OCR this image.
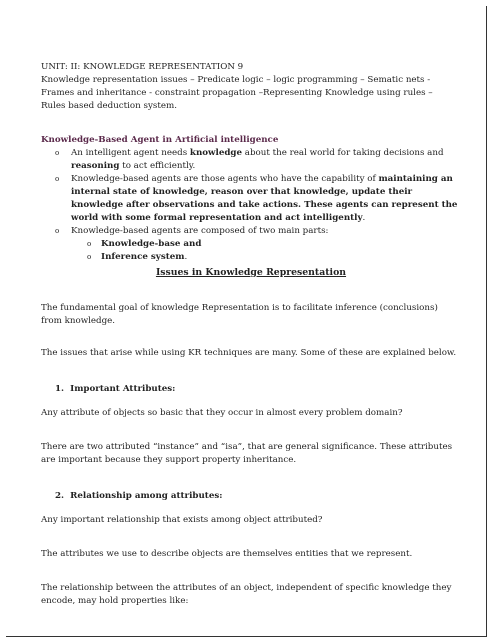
UNIT: II: KNOWLEDGE REPRESENTATION 9

Knowledge representation issues – Predicate logic – logic programming – Sematic nets -

Frames and inheritance - constraint propagation –Representing Knowledge using rules –

Rules based deduction system.

Knowledge-Based Agent in Artificial intelligence

o An intelligent agent needs knowledge about the real world for taking decisions and reasoning to act efficiently.
o Knowledge-based agents are those agents who have the capability of maintaining an internal state of knowledge, reason over that knowledge, update their knowledge after observations and take actions. These agents can represent the world with some formal representation and act intelligently.
o Knowledge-based agents are composed of two main parts:
o Knowledge-base and
o Inference system.

Issues in Knowledge Representation

The fundamental goal of knowledge Representation is to facilitate inference (conclusions) from knowledge.

The issues that arise while using KR techniques are many. Some of these are explained below.

1. Important Attributes:

Any attribute of objects so basic that they occur in almost every problem domain?

There are two attributed “instance” and “isa”, that are general significance. These attributes are important because they support property inheritance.

2. Relationship among attributes:

Any important relationship that exists among object attributed?

The attributes we use to describe objects are themselves entities that we represent.

The relationship between the attributes of an object, independent of specific knowledge they encode, may hold properties like:
